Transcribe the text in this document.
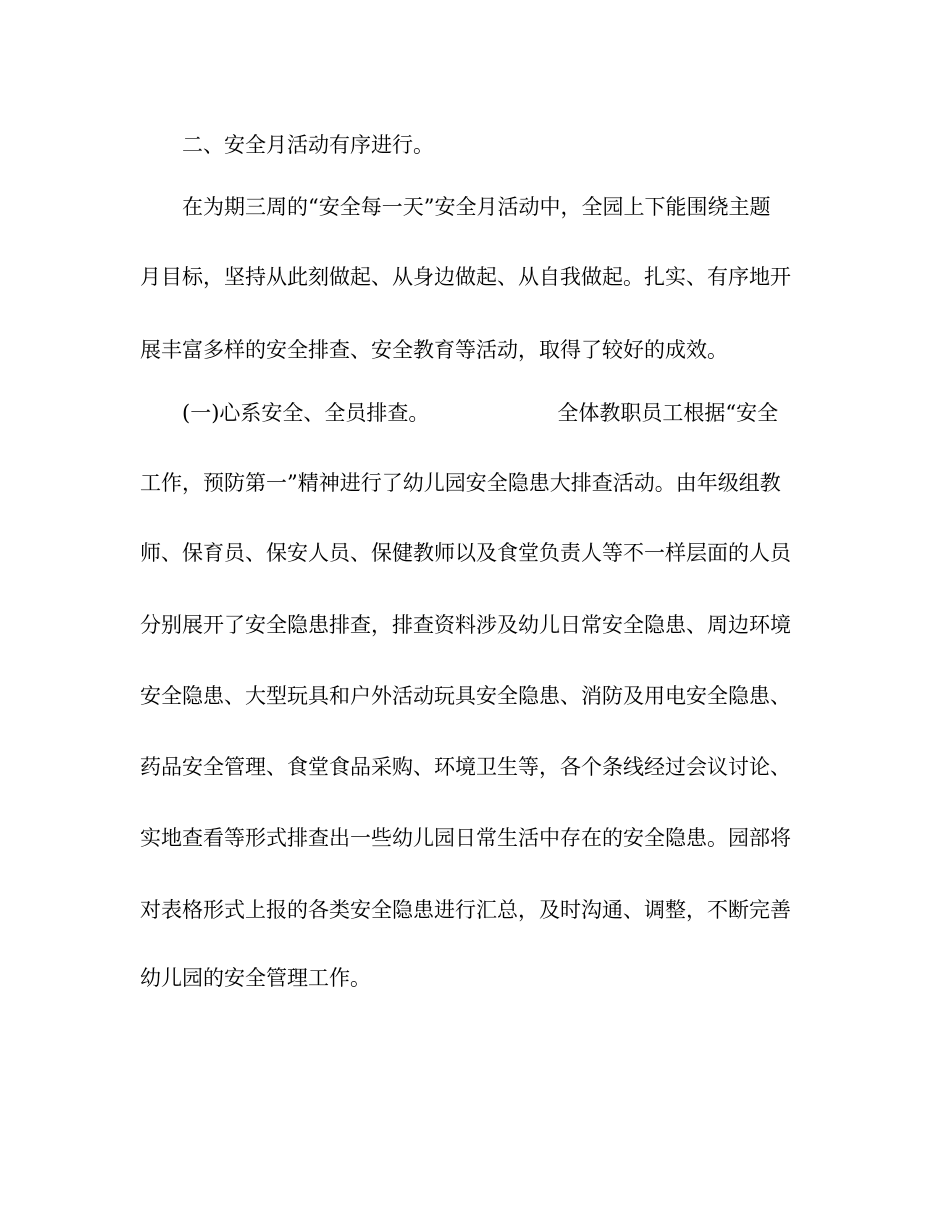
二、安全月活动有序进行。
在为期三周的“安全每一天”安全月活动中，全园上下能围绕主题
月目标，坚持从此刻做起、从身边做起、从自我做起。扎实、有序地开
展丰富多样的安全排查、安全教育等活动，取得了较好的成效。
(一)心系安全、全员排查。	全体教职员工根据“安全
工作，预防第一”精神进行了幼儿园安全隐患大排查活动。由年级组教
师、保育员、保安人员、保健教师以及食堂负责人等不一样层面的人员
分别展开了安全隐患排查，排查资料涉及幼儿日常安全隐患、周边环境
安全隐患、大型玩具和户外活动玩具安全隐患、消防及用电安全隐患、
药品安全管理、食堂食品采购、环境卫生等，各个条线经过会议讨论、
实地查看等形式排查出一些幼儿园日常生活中存在的安全隐患。园部将
对表格形式上报的各类安全隐患进行汇总，及时沟通、调整，不断完善
幼儿园的安全管理工作。
